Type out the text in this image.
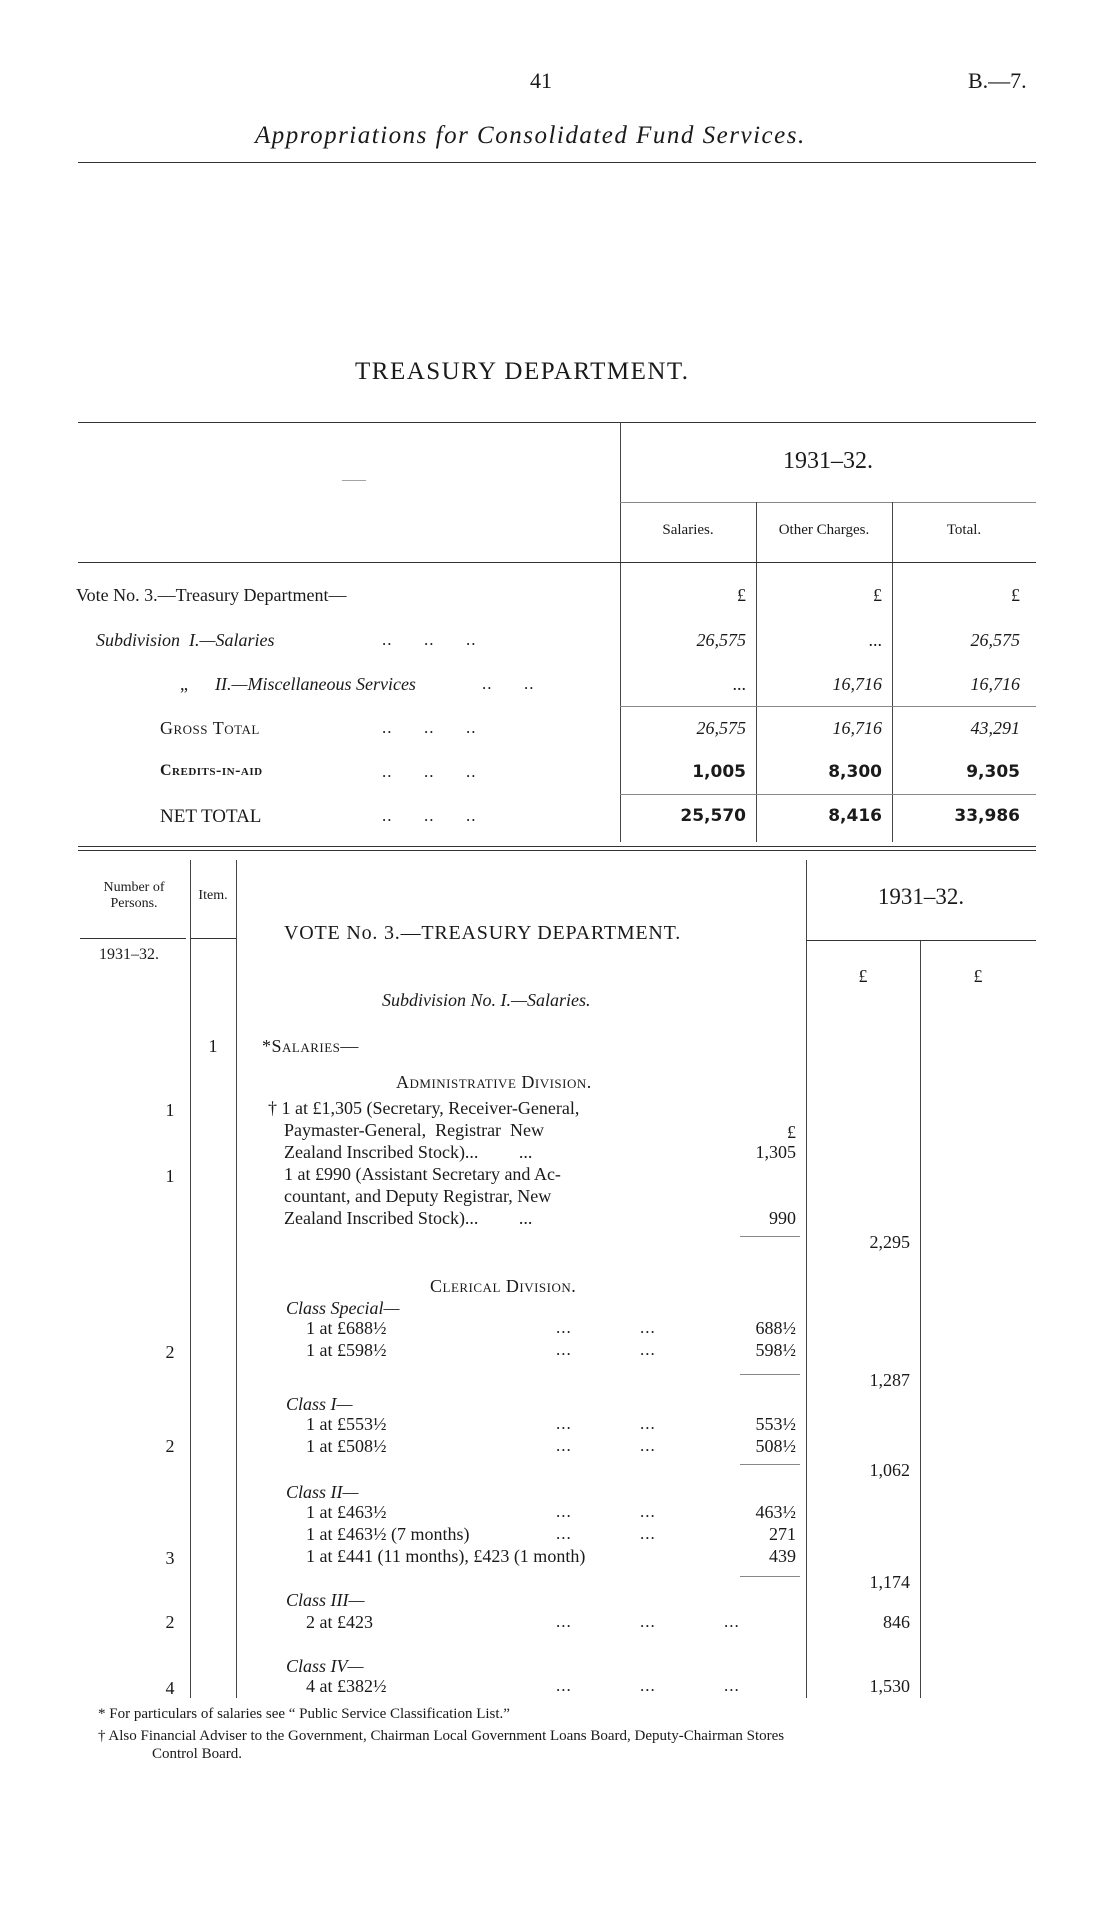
41	B.—7.
Appropriations for Consolidated Fund Services.
TREASURY DEPARTMENT.
——
1931–32.
Salaries.	Other Charges.	Total.
Vote No. 3.—Treasury Department—	£	£	£
Subdivision  I.—Salaries	..      ..      ..	26,575	...	26,575
„ II.—Miscellaneous Services	..      ..	...	16,716	16,716
Gross Total	..      ..      ..	26,575	16,716	43,291
Credits-in-aid	..      ..      ..	1,005	8,300	9,305
NET TOTAL	..      ..      ..	25,570	8,416	33,986
Number of Persons.
Item.
1931–32.
VOTE No. 3.—TREASURY DEPARTMENT.
1931–32.
£	£
Subdivision No. I.—Salaries.
1	*Salaries—
Administrative Division.
1	† 1 at £1,305 (Secretary, Receiver-General,
Paymaster-General,  Registrar  New
Zealand Inscribed Stock)...         ...
£
1,305
1	1 at £990 (Assistant Secretary and Ac-
countant, and Deputy Registrar, New
Zealand Inscribed Stock)...         ...	990
2,295
Clerical Division.
Class Special—
1 at £688½	...             ...	688½
2	1 at £598½	...             ...	598½
1,287
Class I—
1 at £553½	...             ...	553½
2	1 at £508½	...             ...	508½
1,062
Class II—
1 at £463½	...             ...	463½
1 at £463½ (7 months)	...             ...	271
3	1 at £441 (11 months), £423 (1 month)	439
1,174
Class III—
2	2 at £423	...             ...             ...	846
Class IV—
4	4 at £382½	...             ...             ...	1,530
* For particulars of salaries see “ Public Service Classification List.”
† Also Financial Adviser to the Government, Chairman Local Government Loans Board, Deputy-Chairman Stores
Control Board.
